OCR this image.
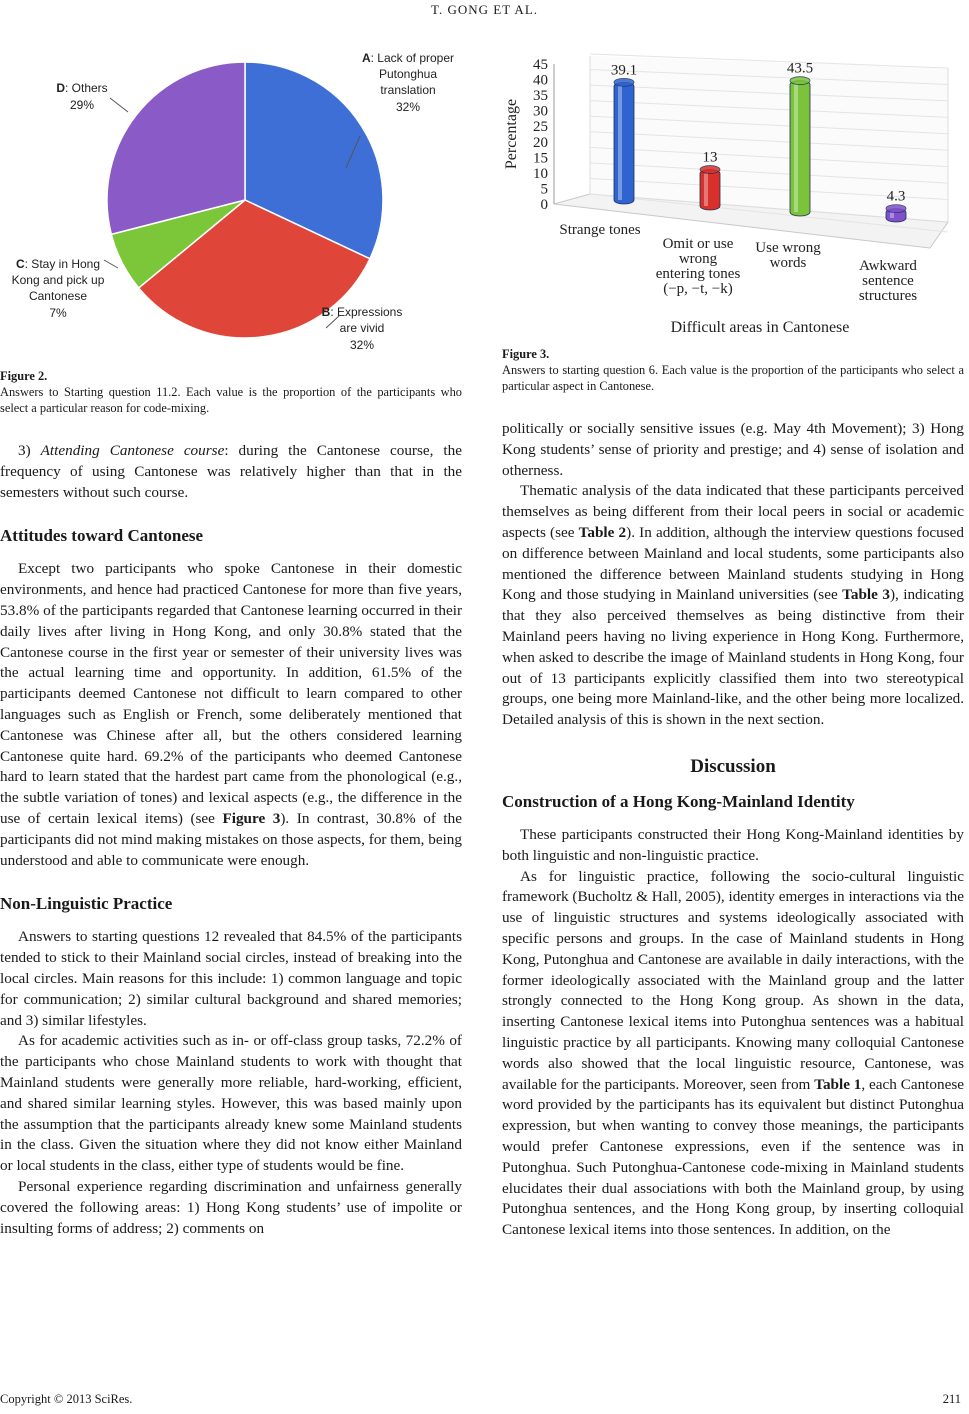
T. GONG ET AL.
A: Lack of proper Putonghua translation 32%
B: Expressions are vivid 32%
C: Stay in Hong Kong and pick up Cantonese 7%
D: Others 29%
Figure 2.
Answers to Starting question 11.2. Each value is the proportion of the participants who select a particular reason for code-mixing.
0
5
10
15
20
25
30
35
40
45
Percentage
39.1
13
43.5
4.3
Strange tones
Omit or use wrong entering tones (−p, −t, −k)
Use wrong words	Awkward sentence structures
Difficult areas in Cantonese
Figure 3.
Answers to starting question 6. Each value is the proportion of the participants who select a particular aspect in Cantonese.

3) Attending Cantonese course: during the Cantonese course, the frequency of using Cantonese was relatively higher than that in the semesters without such course.

Attitudes toward Cantonese

Except two participants who spoke Cantonese in their domestic environments, and hence had practiced Cantonese for more than five years, 53.8% of the participants regarded that Cantonese learning occurred in their daily lives after living in Hong Kong, and only 30.8% stated that the Cantonese course in the first year or semester of their university lives was the actual learning time and opportunity. In addition, 61.5% of the participants deemed Cantonese not difficult to learn compared to other languages such as English or French, some deliberately mentioned that Cantonese was Chinese after all, but the others considered learning Cantonese quite hard. 69.2% of the participants who deemed Cantonese hard to learn stated that the hardest part came from the phonological (e.g., the subtle variation of tones) and lexical aspects (e.g., the difference in the use of certain lexical items) (see Figure 3). In contrast, 30.8% of the participants did not mind making mistakes on those aspects, for them, being understood and able to communicate were enough.

Non-Linguistic Practice

Answers to starting questions 12 revealed that 84.5% of the participants tended to stick to their Mainland social circles, instead of breaking into the local circles. Main reasons for this include: 1) common language and topic for communication; 2) similar cultural background and shared memories; and 3) similar lifestyles.

As for academic activities such as in- or off-class group tasks, 72.2% of the participants who chose Mainland students to work with thought that Mainland students were generally more reliable, hard-working, efficient, and shared similar learning styles. However, this was based mainly upon the assumption that the participants already knew some Mainland students in the class. Given the situation where they did not know either Mainland or local students in the class, either type of students would be fine.

Personal experience regarding discrimination and unfairness generally covered the following areas: 1) Hong Kong students’ use of impolite or insulting forms of address; 2) comments on

politically or socially sensitive issues (e.g. May 4th Movement); 3) Hong Kong students’ sense of priority and prestige; and 4) sense of isolation and otherness.

Thematic analysis of the data indicated that these participants perceived themselves as being different from their local peers in social or academic aspects (see Table 2). In addition, although the interview questions focused on difference between Mainland and local students, some participants also mentioned the difference between Mainland students studying in Hong Kong and those studying in Mainland universities (see Table 3), indicating that they also perceived themselves as being distinctive from their Mainland peers having no living experience in Hong Kong. Furthermore, when asked to describe the image of Mainland students in Hong Kong, four out of 13 participants explicitly classified them into two stereotypical groups, one being more Mainland-like, and the other being more localized. Detailed analysis of this is shown in the next section.

Discussion
Construction of a Hong Kong-Mainland Identity

These participants constructed their Hong Kong-Mainland identities by both linguistic and non-linguistic practice.

As for linguistic practice, following the socio-cultural linguistic framework (Bucholtz & Hall, 2005), identity emerges in interactions via the use of linguistic structures and systems ideologically associated with specific persons and groups. In the case of Mainland students in Hong Kong, Putonghua and Cantonese are available in daily interactions, with the former ideologically associated with the Mainland group and the latter strongly connected to the Hong Kong group. As shown in the data, inserting Cantonese lexical items into Putonghua sentences was a habitual linguistic practice by all participants. Knowing many colloquial Cantonese words also showed that the local linguistic resource, Cantonese, was available for the participants. Moreover, seen from Table 1, each Cantonese word provided by the participants has its equivalent but distinct Putonghua expression, but when wanting to convey those meanings, the participants would prefer Cantonese expressions, even if the sentence was in Putonghua. Such Putonghua-Cantonese code-mixing in Mainland students elucidates their dual associations with both the Mainland group, by using Putonghua sentences, and the Hong Kong group, by inserting colloquial Cantonese lexical items into those sentences. In addition, on the

Copyright © 2013 SciRes.	211
